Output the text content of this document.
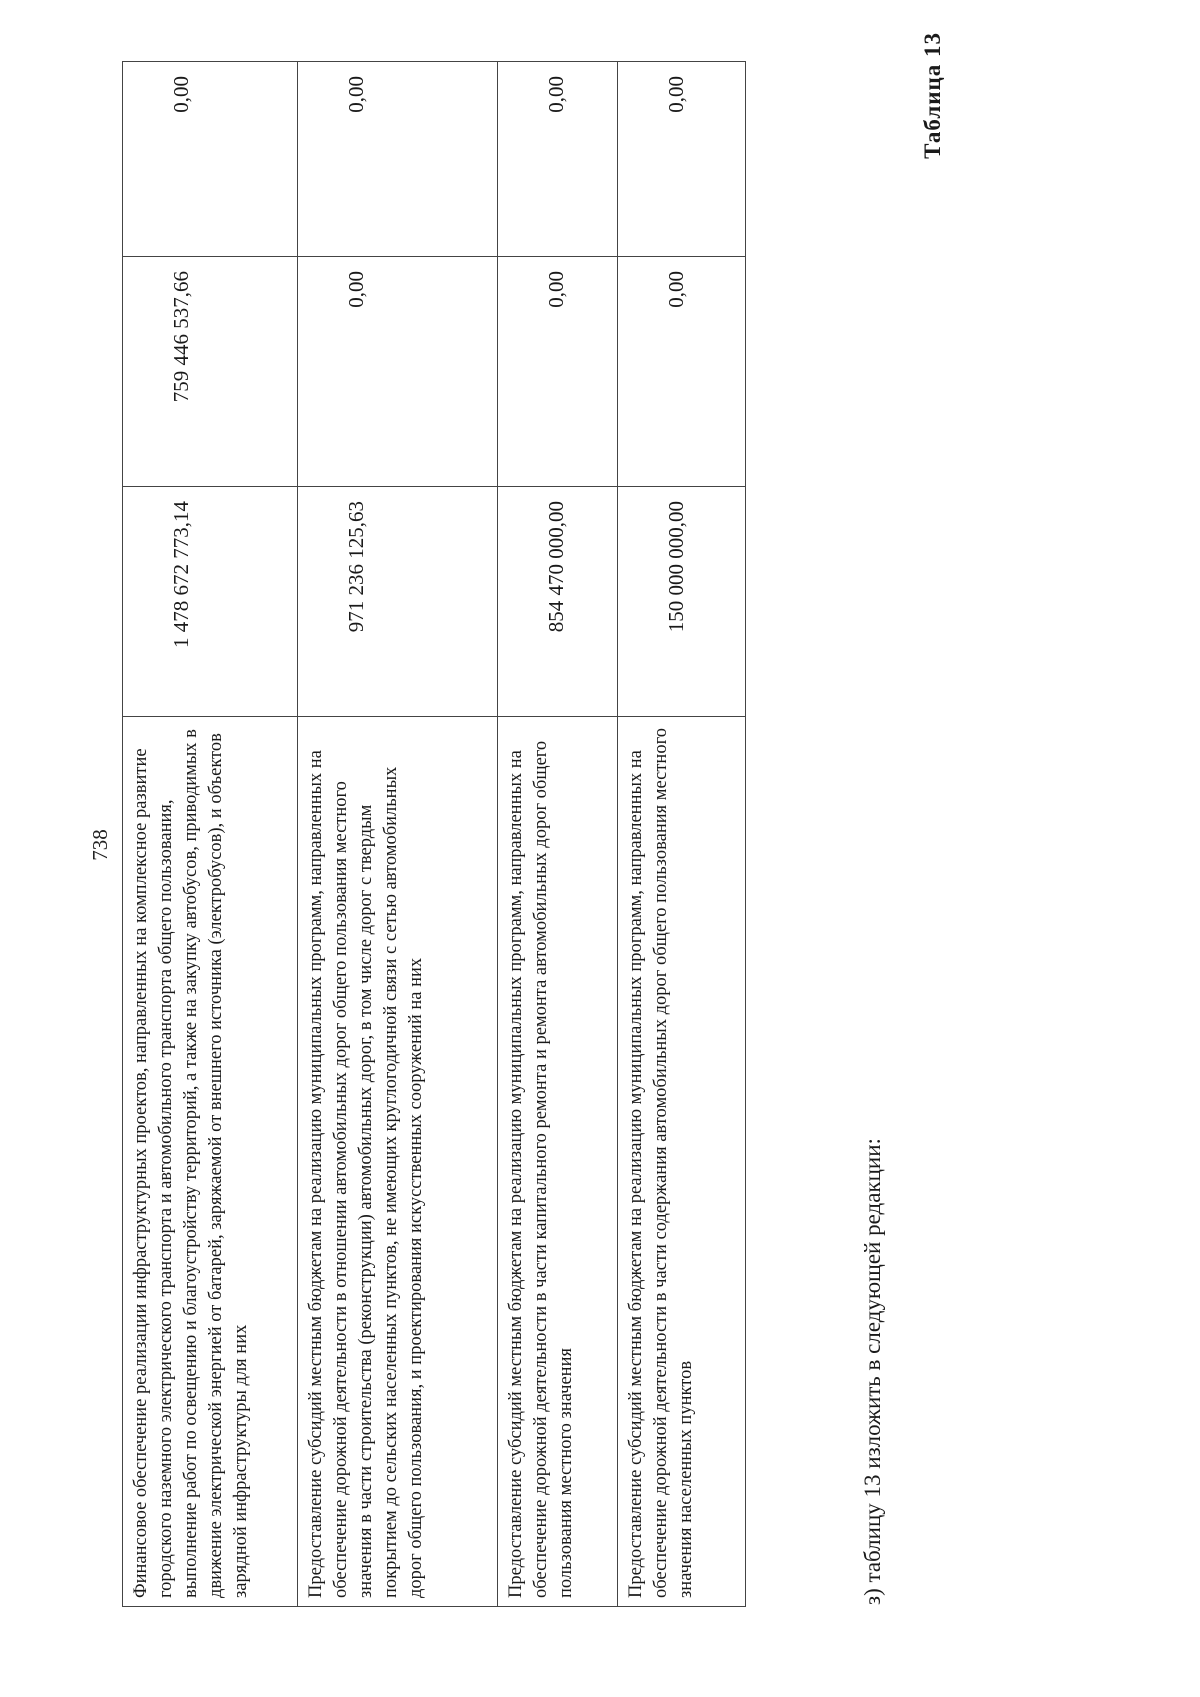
738 Финансовое обеспечение реализации инфраструктурных проектов, направленных на комплексное развитие городского наземного электрического транспорта и автомобильного транспорта общего пользования, выполнение работ по освещению и благоустройству территорий, а также на закупку автобусов, приводимых в движение электрической энергией от батарей, заряжаемой от внешнего источника (электробусов), и объектов зарядной инфраструктуры для них	1 478 672 773,14	759 446 537,66	0,00
Предоставление субсидий местным бюджетам на реализацию муниципальных программ, направленных на обеспечение дорожной деятельности в отношении автомобильных дорог общего пользования местного значения в части строительства (реконструкции) автомобильных дорог, в том числе дорог с твердым покрытием до сельских населенных пунктов, не имеющих круглогодичной связи с сетью автомобильных дорог общего пользования, и проектирования искусственных сооружений на них	971 236 125,63	0,00	0,00
Предоставление субсидий местным бюджетам на реализацию муниципальных программ, направленных на обеспечение дорожной деятельности в части капитального ремонта и ремонта автомобильных дорог общего пользования местного значения	854 470 000,00	0,00	0,00
Предоставление субсидий местным бюджетам на реализацию муниципальных программ, направленных на обеспечение дорожной деятельности в части содержания автомобильных дорог общего пользования местного значения населенных пунктов	150 000 000,00	0,00	0,00
з) таблицу 13 изложить в следующей редакции:
Таблица 13
